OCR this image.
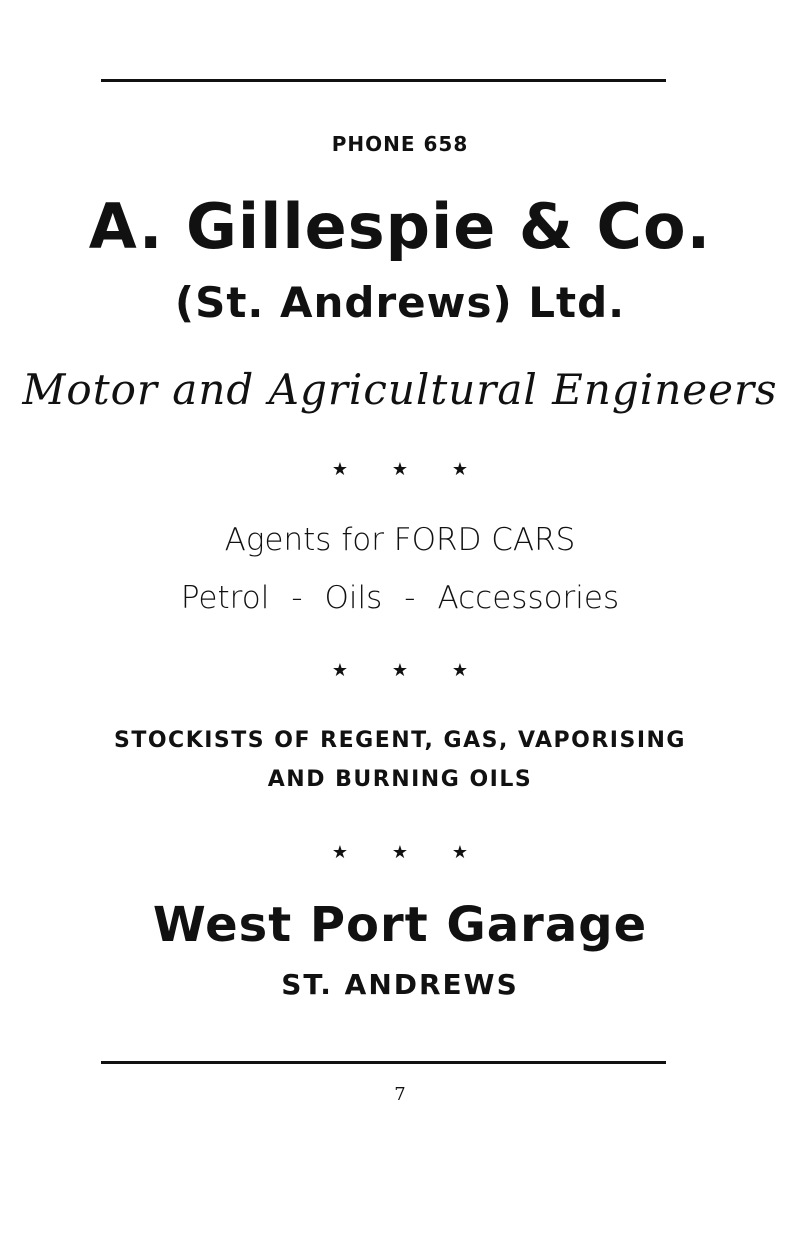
PHONE 658
A. Gillespie & Co.
(St. Andrews) Ltd.
Motor and Agricultural Engineers
★ ★ ★
Agents for FORD CARS
Petrol - Oils - Accessories
★ ★ ★
STOCKISTS OF REGENT, GAS, VAPORISING
AND BURNING OILS
★ ★ ★
West Port Garage
ST. ANDREWS
7
